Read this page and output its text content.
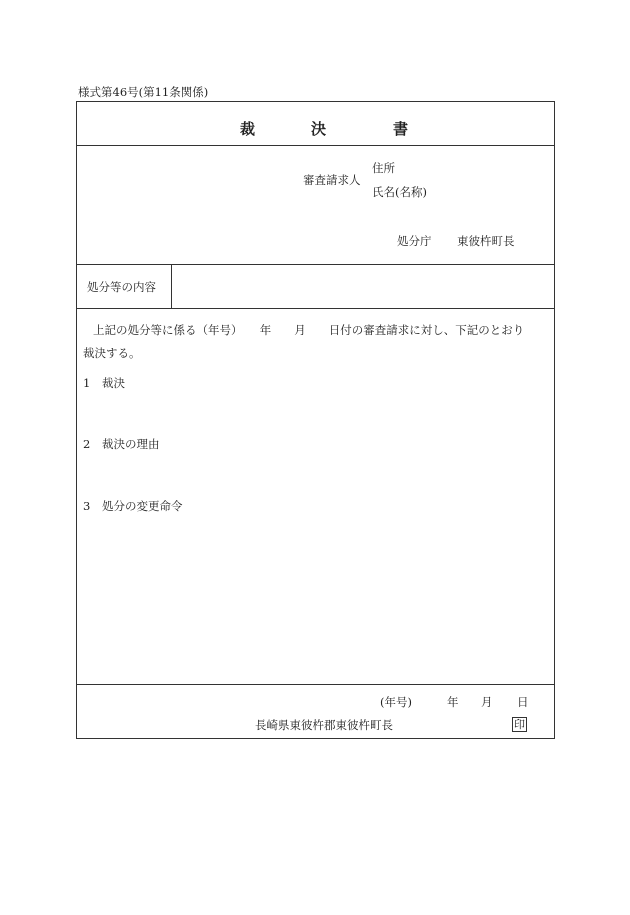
様式第46号(第11条関係)
裁	決	書
審査請求人
住所
氏名(名称)
処分庁 東彼杵町長
処分等の内容
上記の処分等に係る（年号）　　年　　月　　日付の審査請求に対し、下記のとおり
裁決する。
1 裁決
2 裁決の理由
3 処分の変更命令
(年号)	年 月 日
長崎県東彼杵郡東彼杵町長	印
